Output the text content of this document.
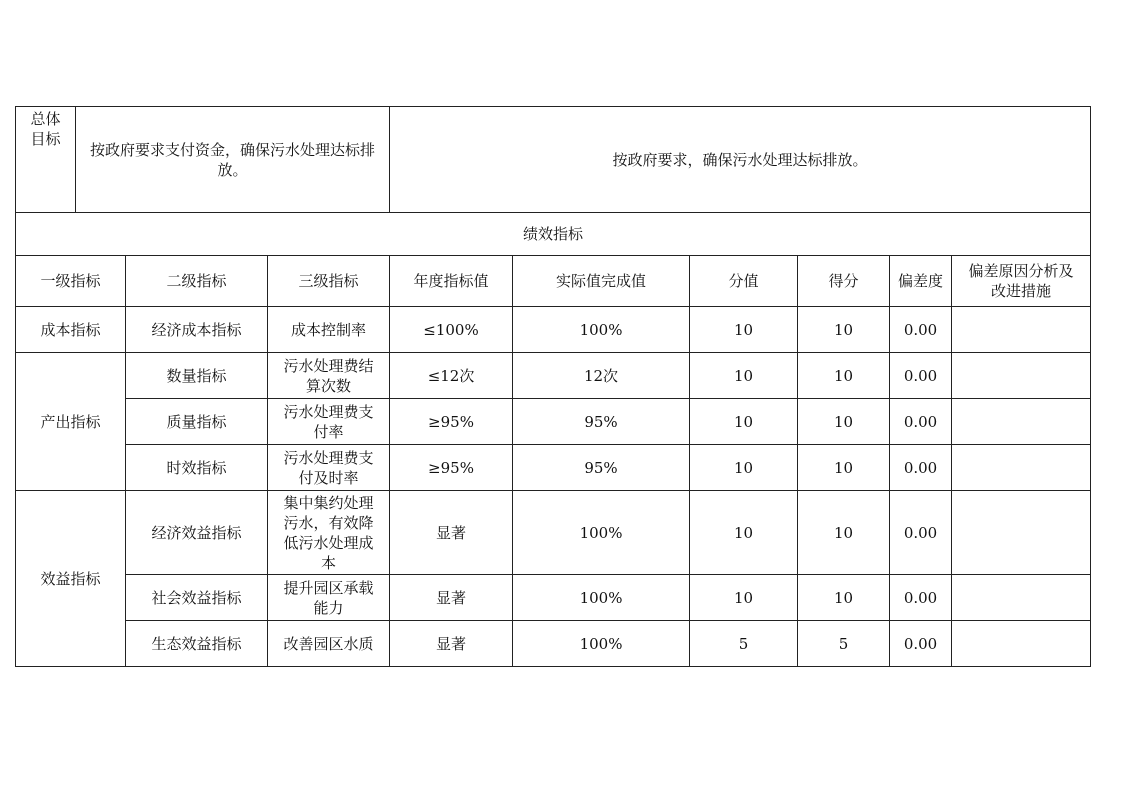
总体目标	按政府要求支付资金，确保污水处理达标排放。			按政府要求，确保污水处理达标排放。					
绩效指标									
一级指标		二级指标	三级指标	年度指标值	实际值完成值	分值	得分	偏差度	偏差原因分析及改进措施
成本指标		经济成本指标	成本控制率	≤100%	100%	10	10	0.00	
产出指标		数量指标	污水处理费结算次数	≤12次	12次	10	10	0.00	
		质量指标	污水处理费支付率	≥95%	95%	10	10	0.00	
		时效指标	污水处理费支付及时率	≥95%	95%	10	10	0.00	
效益指标		经济效益指标	集中集约处理污水，有效降低污水处理成本	显著	100%	10	10	0.00	
		社会效益指标	提升园区承载能力	显著	100%	10	10	0.00	
		生态效益指标	改善园区水质	显著	100%	5	5	0.00	
